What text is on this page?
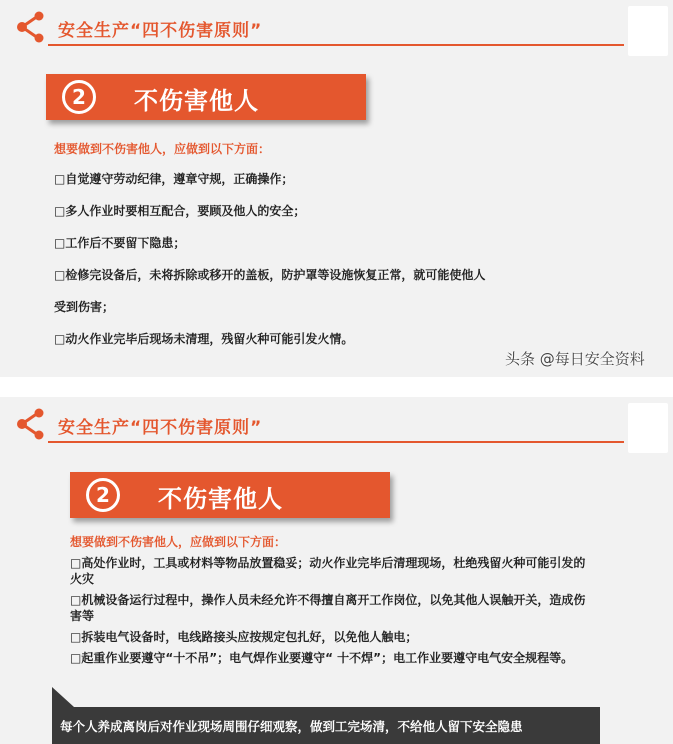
安全生产“四不伤害原则”
2	不伤害他人
想要做到不伤害他人，应做到以下方面：
□自觉遵守劳动纪律，遵章守规，正确操作；
□多人作业时要相互配合，要顾及他人的安全；
□工作后不要留下隐患；
□检修完设备后，未将拆除或移开的盖板，防护罩等设施恢复正常，就可能使他人
受到伤害；
□动火作业完毕后现场未清理，残留火种可能引发火情。
头条 @每日安全资料
安全生产“四不伤害原则”
2	不伤害他人
想要做到不伤害他人，应做到以下方面：
□高处作业时，工具或材料等物品放置稳妥；动火作业完毕后清理现场，杜绝残留火种可能引发的火灾
□机械设备运行过程中，操作人员未经允许不得擅自离开工作岗位，以免其他人误触开关，造成伤害等
□拆装电气设备时，电线路接头应按规定包扎好，以免他人触电；
□起重作业要遵守“十不吊”；电气焊作业要遵守“ 十不焊”；电工作业要遵守电气安全规程等。
每个人养成离岗后对作业现场周围仔细观察，做到工完场清，不给他人留下安全隐患
